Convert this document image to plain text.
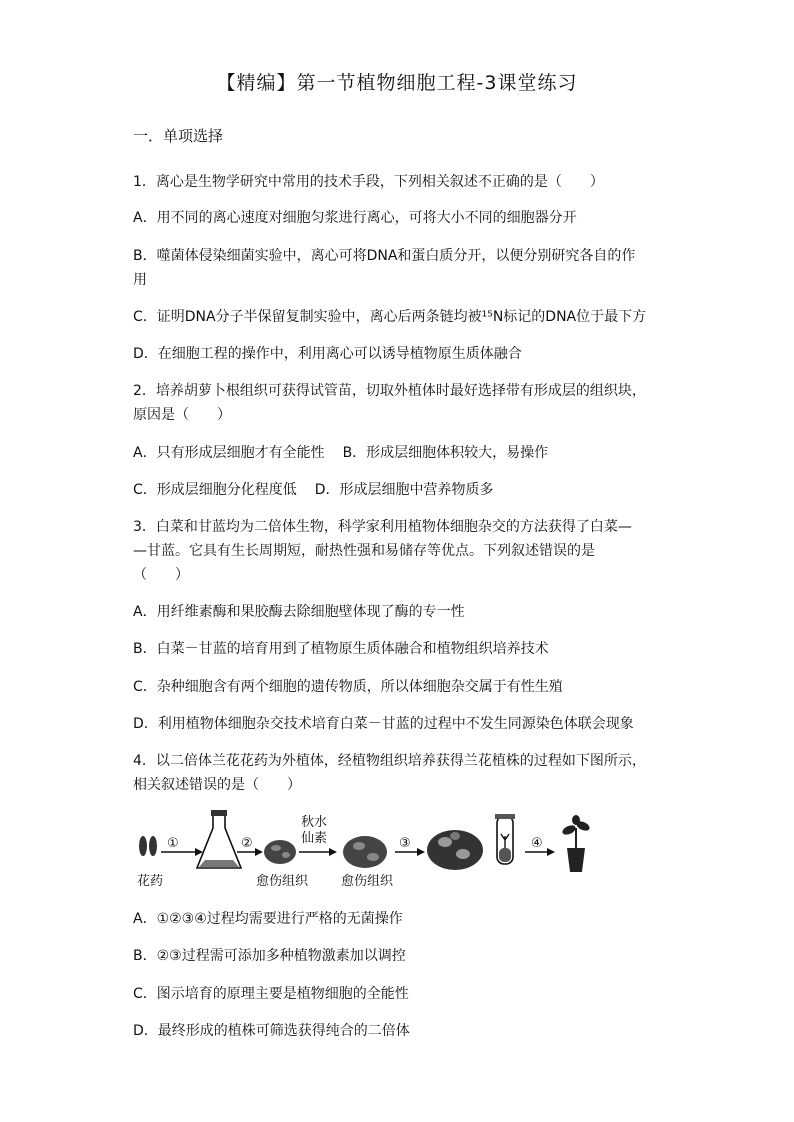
【精编】第一节植物细胞工程-3课堂练习
一．单项选择
1．离心是生物学研究中常用的技术手段，下列相关叙述不正确的是（　　）
A．用不同的离心速度对细胞匀浆进行离心，可将大小不同的细胞器分开
B．噬菌体侵染细菌实验中，离心可将DNA和蛋白质分开，以便分别研究各自的作
用
C．证明DNA分子半保留复制实验中，离心后两条链均被¹⁵N标记的DNA位于最下方
D．在细胞工程的操作中，利用离心可以诱导植物原生质体融合
2．培养胡萝卜根组织可获得试管苗，切取外植体时最好选择带有形成层的组织块，
原因是（　　）
A．只有形成层细胞才有全能性 B．形成层细胞体积较大，易操作
C．形成层细胞分化程度低 D．形成层细胞中营养物质多
3．白菜和甘蓝均为二倍体生物，科学家利用植物体细胞杂交的方法获得了白菜—
—甘蓝。它具有生长周期短，耐热性强和易储存等优点。下列叙述错误的是
（　　）
A．用纤维素酶和果胶酶去除细胞壁体现了酶的专一性
B．白菜－甘蓝的培育用到了植物原生质体融合和植物组织培养技术
C．杂种细胞含有两个细胞的遗传物质，所以体细胞杂交属于有性生殖
D．利用植物体细胞杂交技术培育白菜－甘蓝的过程中不发生同源染色体联会现象
4．以二倍体兰花花药为外植体，经植物组织培养获得兰花植株的过程如下图所示，
相关叙述错误的是（　　）
花药
①	②
愈伤组织
秋水
仙素
愈伤组织
③	④
A．①②③④过程均需要进行严格的无菌操作
B．②③过程需可添加多种植物激素加以调控
C．图示培育的原理主要是植物细胞的全能性
D．最终形成的植株可筛选获得纯合的二倍体
